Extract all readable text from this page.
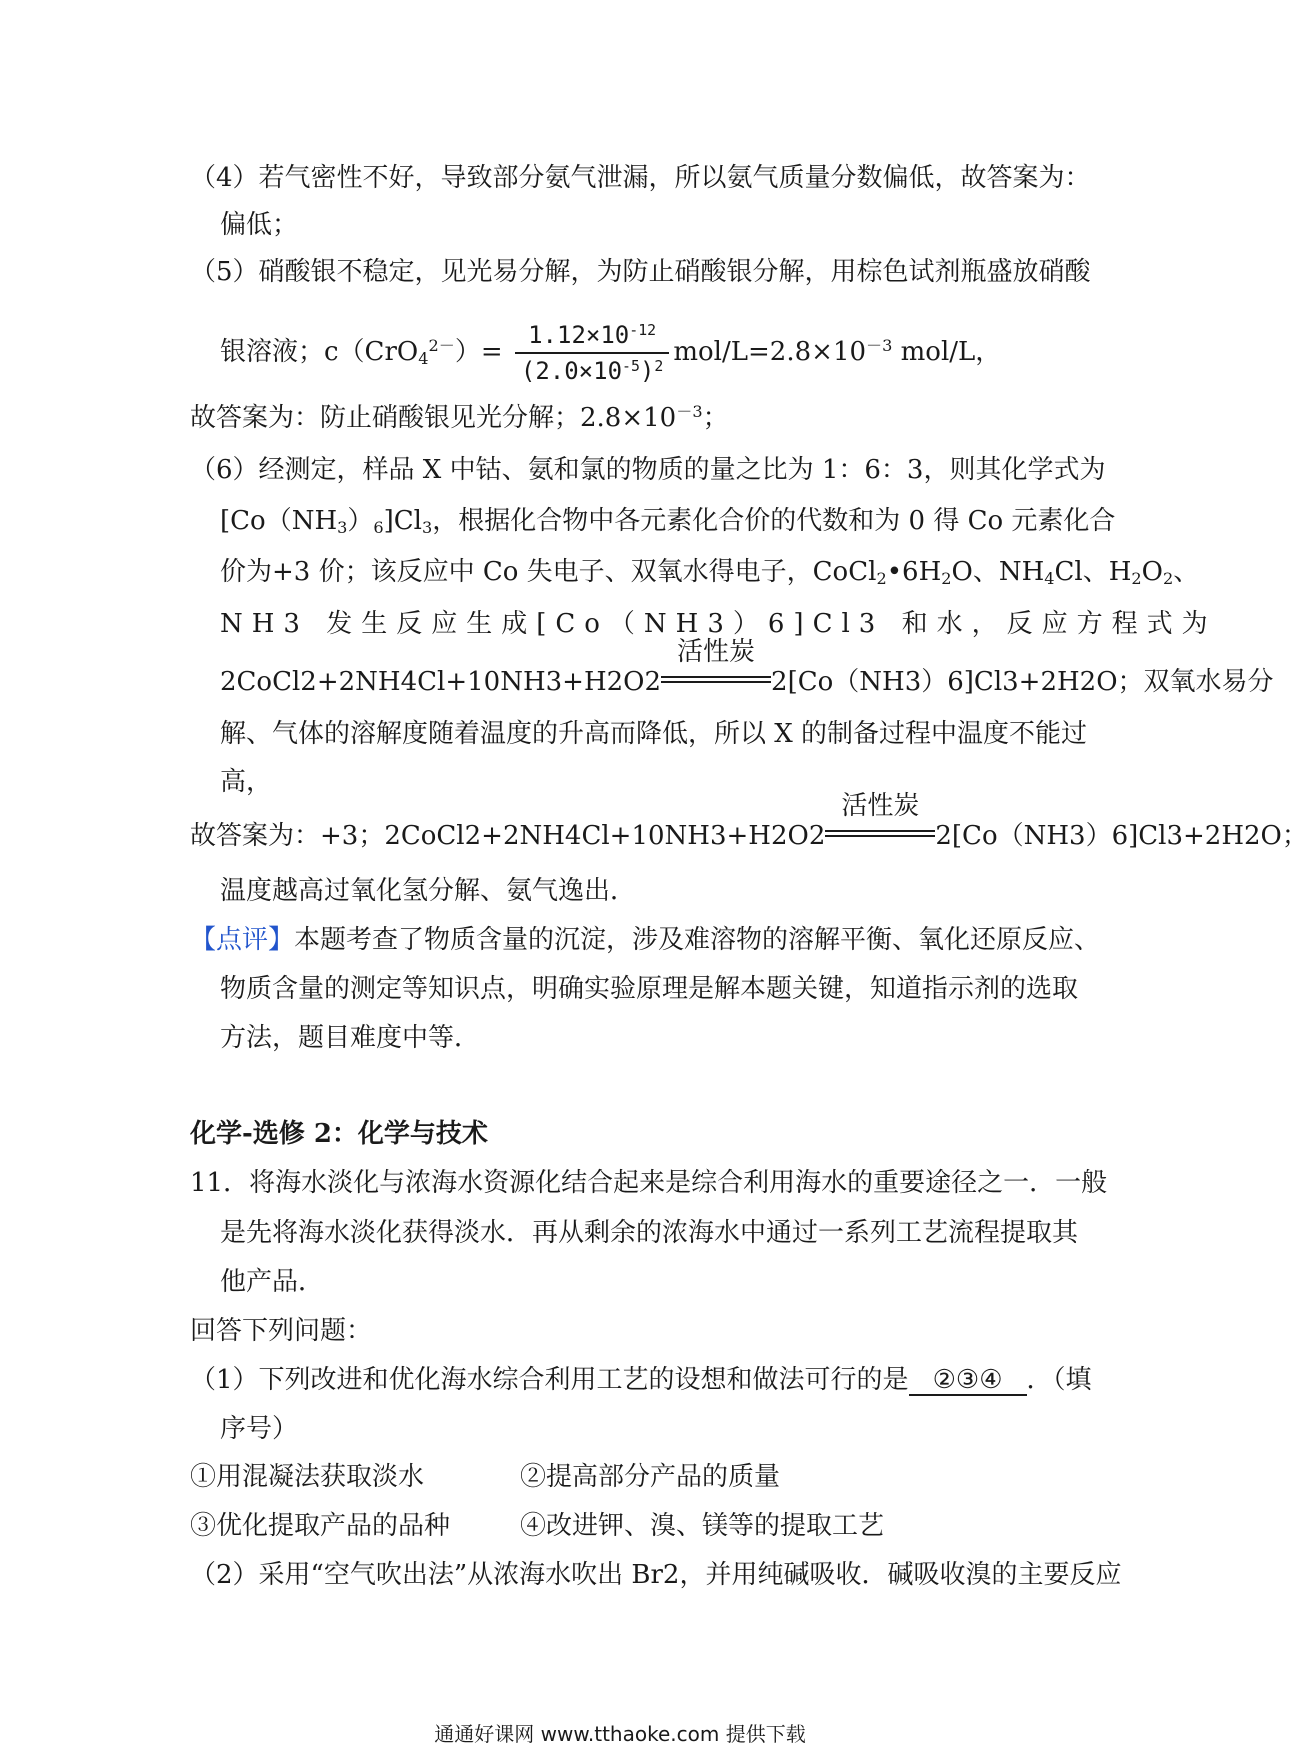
（4）若气密性不好，导致部分氨气泄漏，所以氨气质量分数偏低，故答案为：
偏低；
（5）硝酸银不稳定，见光易分解，为防止硝酸银分解，用棕色试剂瓶盛放硝酸
银溶液；$c(CrO_4^{2-})= \frac{1.12\times 10^{-12}}{(2.0\times 10^{-5})^2} mol/L=2.8\times 10^{-3}$ mol/L，
故答案为：防止硝酸银见光分解；$2.8\times 10^{-3}$；
（6）经测定，样品 X 中钴、氨和氯的物质的量之比为 1：6：3，则其化学式为
$[Co(NH_3)_6]Cl_3$，根据化合物中各元素化合价的代数和为 0 得 Co 元素化合
价为+3 价；该反应中 Co 失电子、双氧水得电子，$CoCl_2•6H_2O$、$NH_4Cl$、$H_2O_2$、
NH3 发生反应生成[Co（NH3）6]Cl3 和水，反应方程式为
2CoCl2+2NH4Cl+10NH3+H2O2
活性炭
2[Co（NH3）6]Cl3+2H2O；双氧水易分
解、气体的溶解度随着温度的升高而降低，所以 X 的制备过程中温度不能过
高，
故答案为：+3；2CoCl2+2NH4Cl+10NH3+H2O2
活性炭
2[Co（NH3）6]Cl3+2H2O；
温度越高过氧化氢分解、氨气逸出．
【点评】本题考查了物质含量的沉淀，涉及难溶物的溶解平衡、氧化还原反应、
物质含量的测定等知识点，明确实验原理是解本题关键，知道指示剂的选取
方法，题目难度中等．
化学-选修 2：化学与技术
11．将海水淡化与浓海水资源化结合起来是综合利用海水的重要途径之一．一般
是先将海水淡化获得淡水．再从剩余的浓海水中通过一系列工艺流程提取其
他产品．
回答下列问题：
（1）下列改进和优化海水综合利用工艺的设想和做法可行的是 ②③④ ．（填
序号）
①用混凝法获取淡水	②提高部分产品的质量
③优化提取产品的品种	④改进钾、溴、镁等的提取工艺
（2）采用“空气吹出法”从浓海水吹出 Br2，并用纯碱吸收．碱吸收溴的主要反应
通通好课网 www.tthaoke.com 提供下载
